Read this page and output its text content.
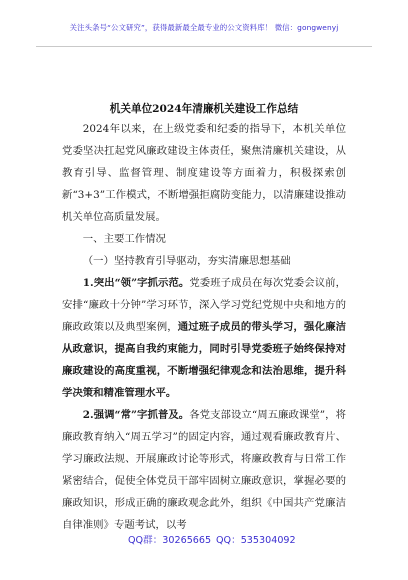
关注头条号“公文研究”，获得最新最全最专业的公文资料库！ 微信：gongwenyj
机关单位2024年清廉机关建设工作总结

2024年以来，在上级党委和纪委的指导下，本机关单位党委坚决扛起党风廉政建设主体责任，聚焦清廉机关建设，从教育引导、监督管理、制度建设等方面着力，积极探索创新“3+3”工作模式，不断增强拒腐防变能力，以清廉建设推动机关单位高质量发展。

一、主要工作情况

（一）坚持教育引导驱动，夯实清廉思想基础

1.突出“领”字抓示范。党委班子成员在每次党委会议前，安排“廉政十分钟”学习环节，深入学习党纪党规中央和地方的廉政政策以及典型案例，通过班子成员的带头学习，强化廉洁从政意识，提高自我约束能力，同时引导党委班子始终保持对廉政建设的高度重视，不断增强纪律观念和法治思维，提升科学决策和精准管理水平。

2.强调“常”字抓普及。各党支部设立“周五廉政课堂”，将廉政教育纳入“周五学习”的固定内容，通过观看廉政教育片、学习廉政法规、开展廉政讨论等形式，将廉政教育与日常工作紧密结合，促使全体党员干部牢固树立廉政意识，掌握必要的廉政知识，形成正确的廉政观念此外，组织《中国共产党廉洁自律准则》专题考试，以考

QQ群：30265665 QQ：535304092
